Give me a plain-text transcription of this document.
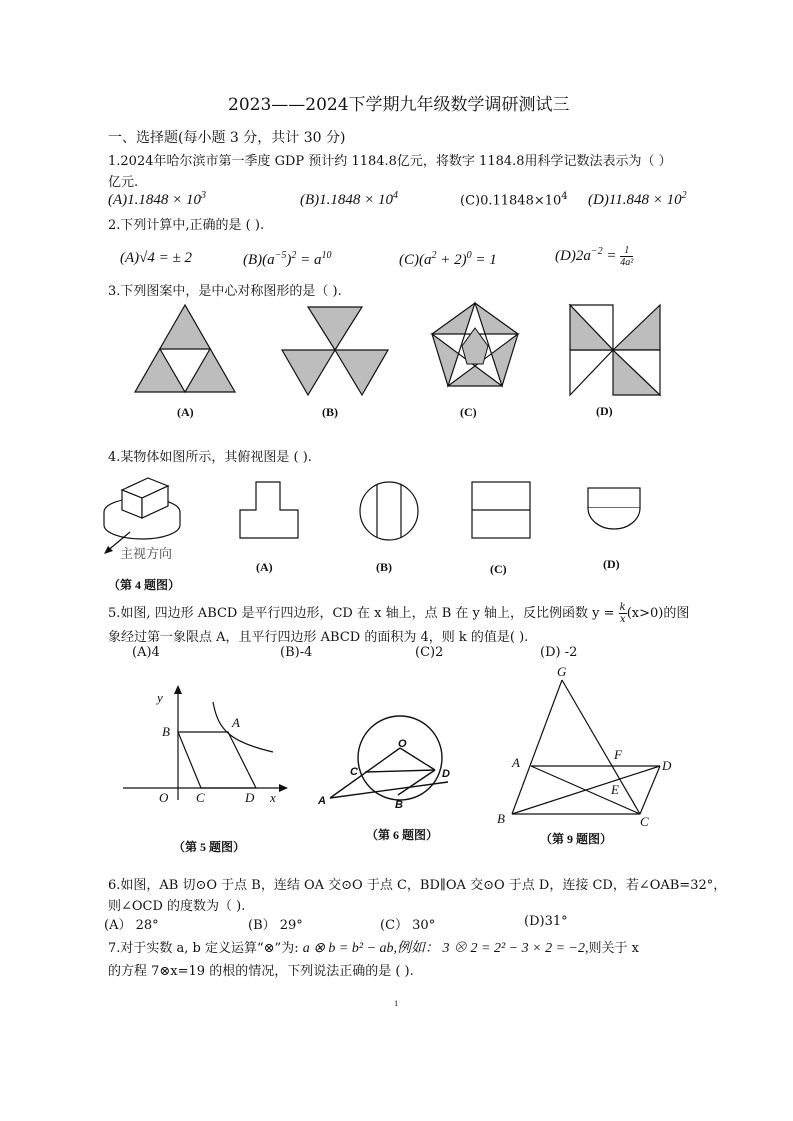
2023——2024下学期九年级数学调研测试三
一、选择题(每小题 3 分，共计 30 分)
1.2024年哈尔滨市第一季度 GDP 预计约 1184.8亿元，将数字 1184.8用科学记数法表示为（ ）
亿元.
$(A)1.1848 \times 10^3$	$(B)1.1848 \times 10^4$	$(C)0.11848\times 10^4$ $(D)11.848 \times 10^2$
2.下列计算中,正确的是 ( ).
(A)√4 = ± 2	$(B)(a^{-5})^2 = a^{10}$	$(C)(a^2 + 2)^0 = 1$	$(D)2a^{-2} = \frac{1}{\text{4a²}}$
3.下列图案中，是中心对称图形的是（ ).
(A)	(B)	(C)	(D)
4.某物体如图所示，其俯视图是 ( ).
主视方向
（第 4 题图）
(A)	(B)	(C)	(D)
5.如图, 四边形 ABCD 是平行四边形，CD 在 x 轴上，点 B 在 y 轴上，反比例函数 $y = \frac{k}{x} (x>0)$的图
象经过第一象限点 A，且平行四边形 ABCD 的面积为 4，则 k 的值是( ).
(A)4	(B)-4	(C)2	(D) -2
y
B
A
O C	D x
（第 5 题图）
O
C	D
A	B
（第 6 题图）
G
A
F
D
E
B	C
（第 9 题图）
6.如图，AB 切⊙O 于点 B，连结 OA 交⊙O 于点 C，BD∥OA 交⊙O 于点 D，连接 CD，若∠OAB=32°，
则∠OCD 的度数为（ ).
(A） 28°	(B） 29°	(C） 30°	(D)31°
7.对于实数 a, b 定义运算“⊗”为: a ⊗ b = b² − ab,例如： 3 ⊗ 2 = 2² − 3 × 2 = −2,则关于 x
的方程 7⊗x=19 的根的情况，下列说法正确的是 ( ).
1
